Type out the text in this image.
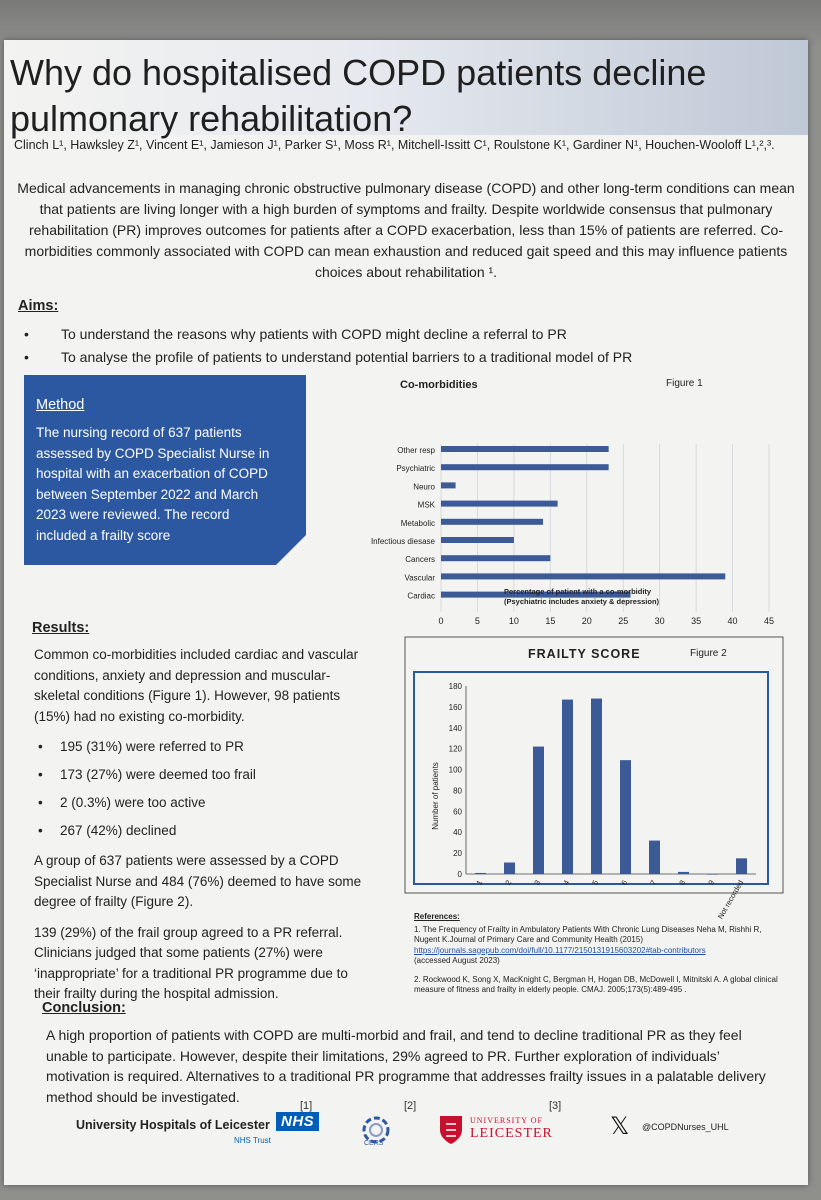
Why do hospitalised COPD patients decline pulmonary rehabilitation?
Clinch L¹, Hawksley Z¹, Vincent E¹, Jamieson J¹, Parker S¹, Moss R¹, Mitchell-Issitt C¹, Roulstone K¹, Gardiner N¹, Houchen-Wooloff L¹,²,³.
Medical advancements in managing chronic obstructive pulmonary disease (COPD) and other long-term conditions can mean that patients are living longer with a high burden of symptoms and frailty. Despite worldwide consensus that pulmonary rehabilitation (PR) improves outcomes for patients after a COPD exacerbation, less than 15% of patients are referred. Co-morbidities commonly associated with COPD can mean exhaustion and reduced gait speed and this may influence patients choices about rehabilitation ¹.
Aims:
•	To understand the reasons why patients with COPD might decline a referral to PR
•	To analyse the profile of patients to understand potential barriers to a traditional model of PR
Method
The nursing record of 637 patients assessed by COPD Specialist Nurse in hospital with an exacerbation of COPD between September 2022 and March 2023 were reviewed. The record included a frailty score
Co-morbidities	Figure 1
Other resp
Psychiatric
Neuro
MSK
Metabolic
Infectious diesase
Cancers
Vascular
Cardiac
0	5	10	15	20	25	30	35	40	45
Percentage of patient with a co-morbidity
(Psychiatric includes anxiety & depression)
Results:

Common co-morbidities included cardiac and vascular conditions, anxiety and depression and muscular-skeletal conditions (Figure 1). However, 98 patients (15%) had no existing co-morbidity.

•	195 (31%) were referred to PR
•	173 (27%) were deemed too frail
•	2 (0.3%) were too active
•	267 (42%) declined

A group of 637 patients were assessed by a COPD Specialist Nurse and 484 (76%) deemed to have some degree of frailty (Figure 2).

139 (29%) of the frail group agreed to a PR referral. Clinicians judged that some patients (27%) were ‘inappropriate’ for a traditional PR programme due to their frailty during the hospital admission.

FRAILTY SCORE	Figure 2
Number of patients
0
20
40
60
80
100
120
140
160
180
1	2	3	4	5	6	7	8	9 Not recorded

References:

1. The Frequency of Frailty in Ambulatory Patients With Chronic Lung Diseases Neha M, Rishhi R, Nugent K.Journal of Primary Care and Community Health (2015)

https://journals.sagepub.com/doi/full/10.1177/2150131915603202#tab-contributors

(accessed August 2023)

2. Rockwood K, Song X, MacKnight C, Bergman H, Hogan DB, McDowell I, Mitnitski A. A global clinical measure of fitness and frailty in elderly people. CMAJ. 2005;173(5):489-495 .

Conclusion:
A high proportion of patients with COPD are multi-morbid and frail, and tend to decline traditional PR as they feel unable to participate. However, despite their limitations, 29% agreed to PR. Further exploration of individuals’ motivation is required. Alternatives to a traditional PR programme that addresses frailty issues in a palatable delivery method should be investigated.
[1]	[2]	[3]
University Hospitals of Leicester NHS
NHS Trust	CERS
UNIVERSITY OF
LEICESTER 𝕏 @COPDNurses_UHL
